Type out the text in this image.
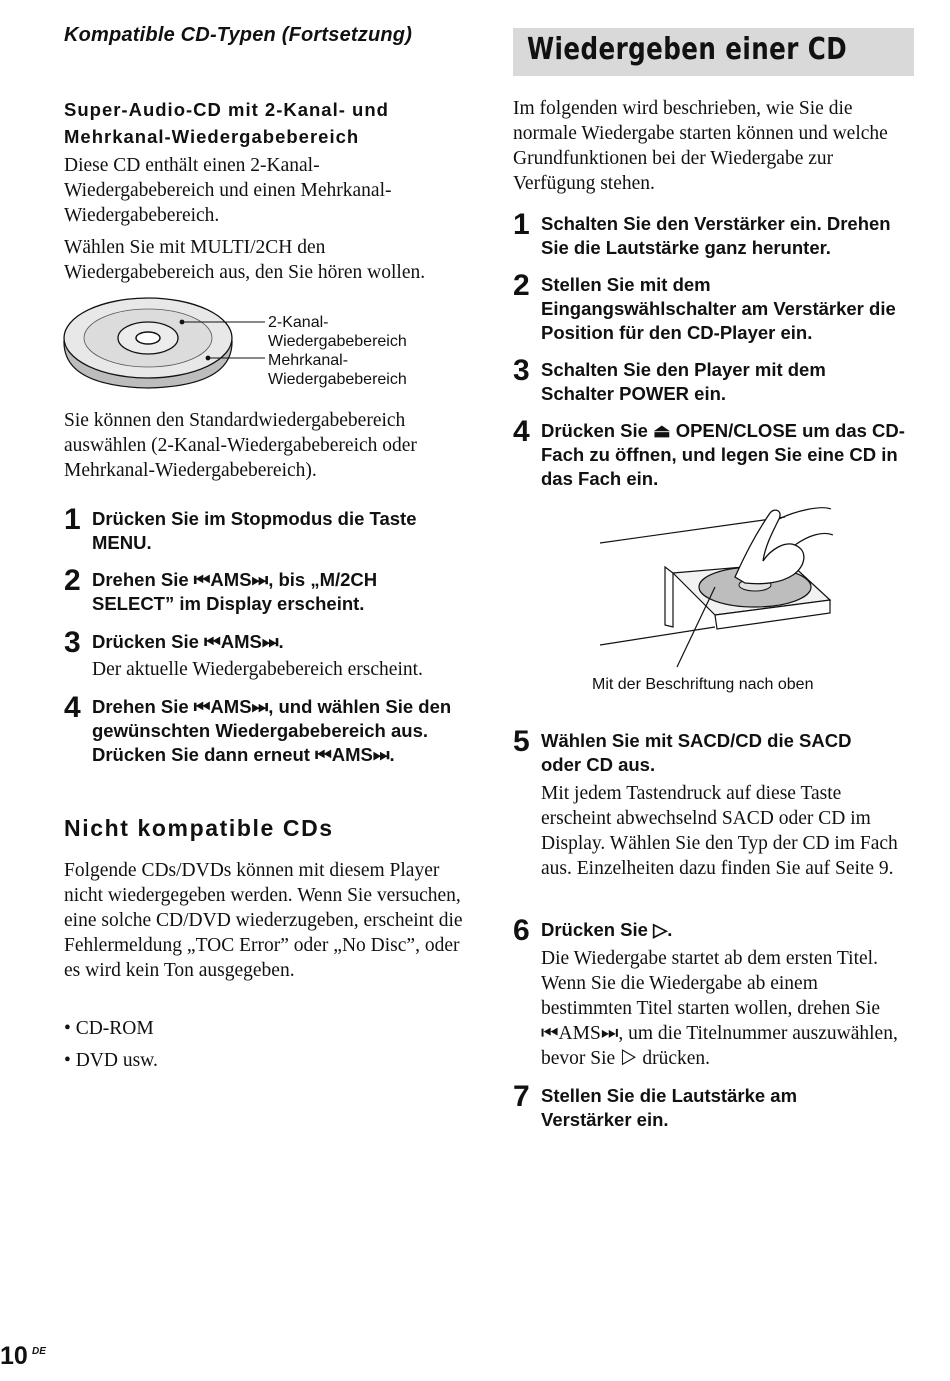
Kompatible CD-Typen (Fortsetzung)	Wiedergeben einer CD
Super-Audio-CD mit 2-Kanal- und
Mehrkanal-Wiedergabebereich

Diese CD enthält einen 2-Kanal-Wiedergabebereich und einen Mehrkanal-Wiedergabebereich.

Wählen Sie mit MULTI/2CH den Wiedergabebereich aus, den Sie hören wollen.

2-Kanal-
Wiedergabebereich
Mehrkanal-
Wiedergabebereich

Sie können den Standardwiedergabebereich auswählen (2-Kanal-Wiedergabebereich oder Mehrkanal-Wiedergabebereich).

1 Drücken Sie im Stopmodus die Taste MENU.
2 Drehen Sie ⏮AMS⏭, bis „M/2CH SELECT” im Display erscheint.
3 Drücken Sie ⏮AMS⏭.
Der aktuelle Wiedergabebereich erscheint.
4 Drehen Sie ⏮AMS⏭, und wählen Sie den gewünschten Wiedergabebereich aus. Drücken Sie dann erneut ⏮AMS⏭.
Nicht kompatible CDs

Folgende CDs/DVDs können mit diesem Player nicht wiedergegeben werden. Wenn Sie versuchen, eine solche CD/DVD wiederzugeben, erscheint die Fehlermeldung „TOC Error” oder „No Disc”, oder es wird kein Ton ausgegeben.

• CD-ROM

• DVD usw.

Im folgenden wird beschrieben, wie Sie die normale Wiedergabe starten können und welche Grundfunktionen bei der Wiedergabe zur Verfügung stehen.

1 Schalten Sie den Verstärker ein. Drehen Sie die Lautstärke ganz herunter.
2 Stellen Sie mit dem Eingangswählschalter am Verstärker die Position für den CD-Player ein.
3 Schalten Sie den Player mit dem Schalter POWER ein.
4 Drücken Sie ⏏ OPEN/CLOSE um das CD-Fach zu öffnen, und legen Sie eine CD in das Fach ein.
Mit der Beschriftung nach oben
5 Wählen Sie mit SACD/CD die SACD oder CD aus.
Mit jedem Tastendruck auf diese Taste erscheint abwechselnd SACD oder CD im Display. Wählen Sie den Typ der CD im Fach aus. Einzelheiten dazu finden Sie auf Seite 9.
6 Drücken Sie ▷.
Die Wiedergabe startet ab dem ersten Titel. Wenn Sie die Wiedergabe ab einem bestimmten Titel starten wollen, drehen Sie ⏮AMS⏭, um die Titelnummer auszuwählen, bevor Sie ▷ drücken.
7 Stellen Sie die Lautstärke am Verstärker ein.
10 DE
